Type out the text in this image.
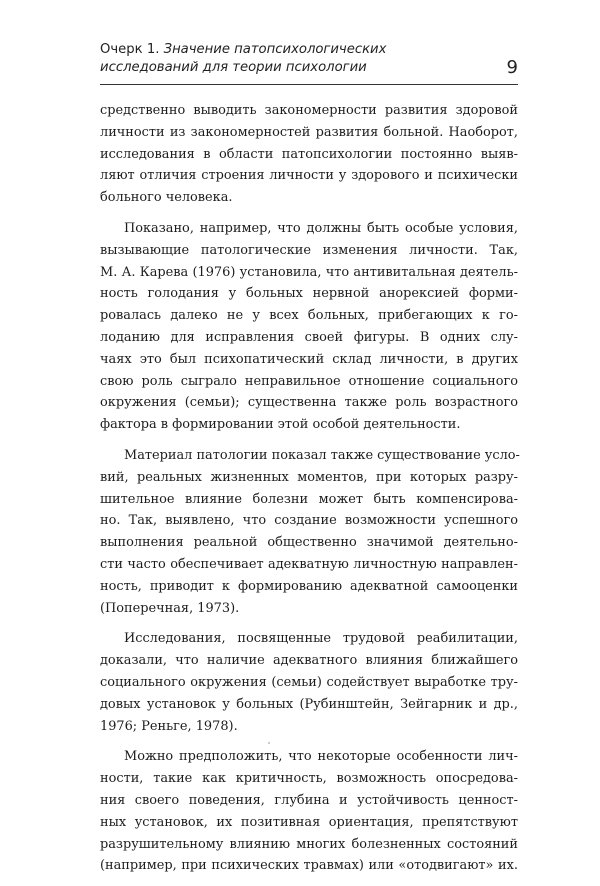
Очерк 1. Значение патопсихологических
исследований для теории психологии	9

средственно выводить закономерности развития здоровой
личности из закономерностей развития больной. Наоборот,
исследования в области патопсихологии постоянно выяв-
ляют отличия строения личности у здорового и психически
больного человека.

Показано, например, что должны быть особые условия,
вызывающие патологические изменения личности. Так,
М. А. Карева (1976) установила, что антивитальная деятель-
ность голодания у больных нервной анорексией форми-
ровалась далеко не у всех больных, прибегающих к го-
лоданию для исправления своей фигуры. В одних слу-
чаях это был психопатический склад личности, в других
свою роль сыграло неправильное отношение социального
окружения (семьи); существенна также роль возрастного
фактора в формировании этой особой деятельности.

Материал патологии показал также существование усло-
вий, реальных жизненных моментов, при которых разру-
шительное влияние болезни может быть компенсирова-
но. Так, выявлено, что создание возможности успешного
выполнения реальной общественно значимой деятельно-
сти часто обеспечивает адекватную личностную направлен-
ность, приводит к формированию адекватной самооценки
(Поперечная, 1973).

Исследования, посвященные трудовой реабилитации,
доказали, что наличие адекватного влияния ближайшего
социального окружения (семьи) содействует выработке тру-
довых установок у больных (Рубинштейн, Зейгарник и др.,
1976; Реньге, 1978).

Можно предположить, что некоторые особенности лич-
ности, такие как критичность, возможность опосредова-
ния своего поведения, глубина и устойчивость ценност-
ных установок, их позитивная ориентация, препятствуют
разрушительному влиянию многих болезненных состояний
(например, при психических травмах) или «отодвигают» их.
